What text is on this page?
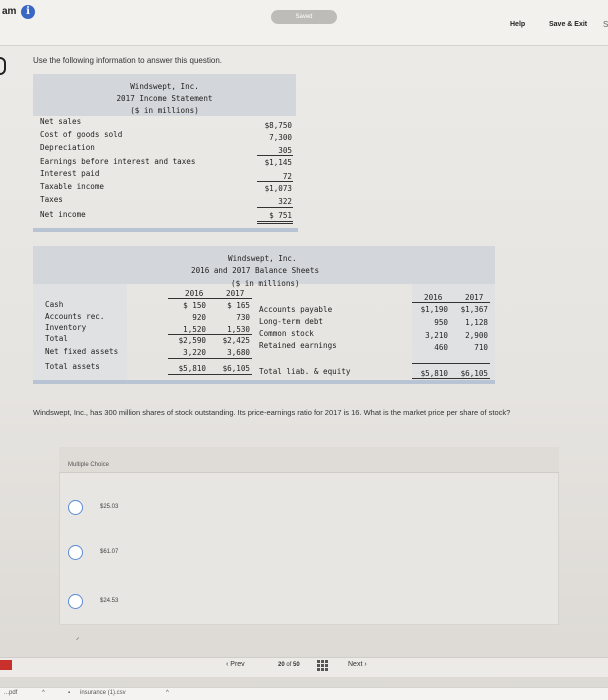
am i	Saved
Help	Save & Exit S
Use the following information to answer this question.
Windswept, Inc.
2017 Income Statement
($ in millions)
Net sales	$8,750
Cost of goods sold	7,300
Depreciation	305
Earnings before interest and taxes	$1,145
Interest paid	72
Taxable income	$1,073
Taxes	322
Net income	$ 751
Windswept, Inc.
2016 and 2017 Balance Sheets
($ in millions)
2016	2017	2016	2017
Cash	$ 150	$ 165
Accounts rec.	920	730
Inventory	1,520	1,530
Total	$2,590	$2,425
Net fixed assets	3,220	3,680
Total assets	$5,810	$6,105
Accounts payable	$1,190	$1,367
Long-term debt	950	1,128
Common stock	3,210	2,900
Retained earnings	460	710
Total liab. & equity	$5,810	$6,105
Windswept, Inc., has 300 million shares of stock outstanding. Its price-earnings ratio for 2017 is 16. What is the market price per share of stock?
Multiple Choice
$25.03
$61.07
$24.53
ᐟ
‹ Prev	20 of 50	Next ›
...pdf	^	▪ insurance (1).csv	^
